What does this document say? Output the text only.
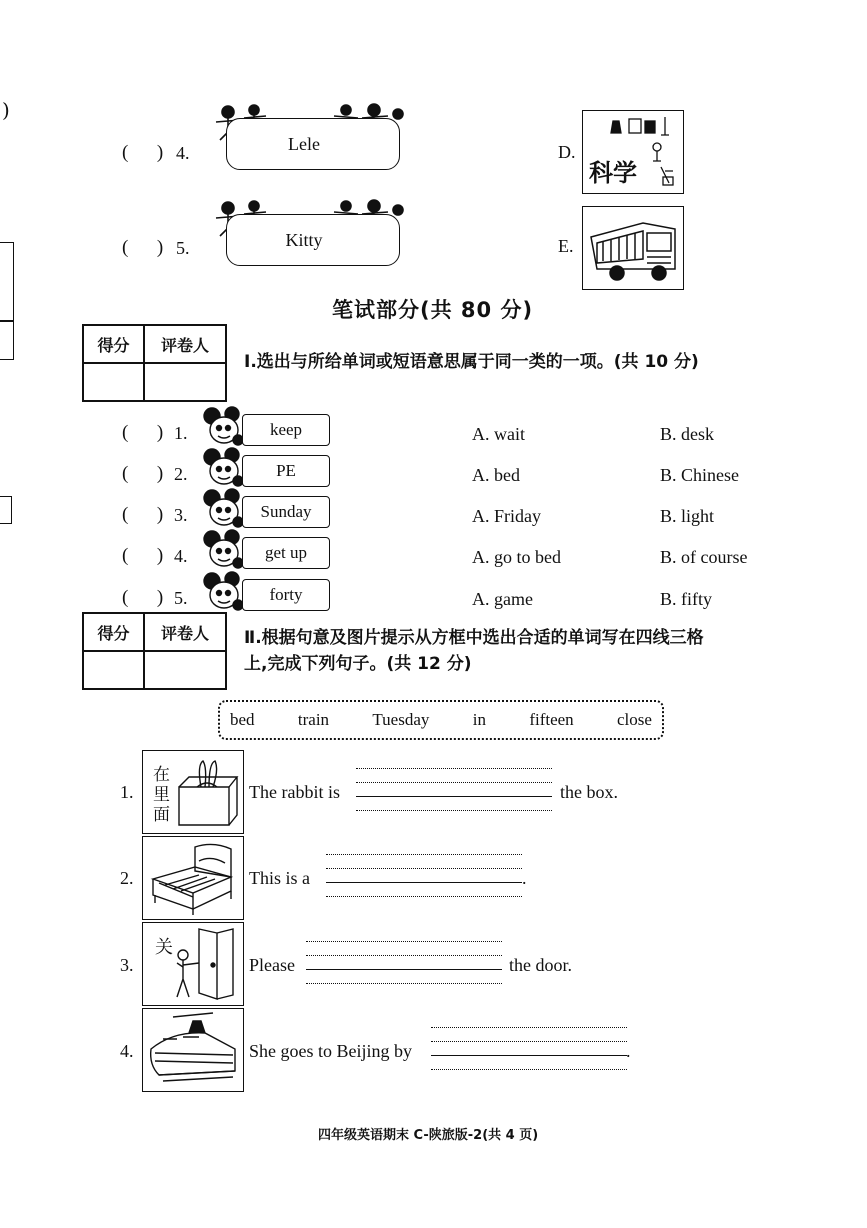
)
(      ) 4.	Lele
(      ) 5.	Kitty
D.
科学
E.
笔试部分(共 80 分)
得分	评卷人

Ⅰ.选出与所给单词或短语意思属于同一类的一项。(共 10 分)
(      ) 1.	keep	A. wait	B. desk
(      ) 2.	PE	A. bed	B. Chinese
(      ) 3.	Sunday	A. Friday	B. light
(      ) 4.	get up	A. go to bed	B. of course
(      ) 5.	forty	A. game	B. fifty
得分	评卷人
	Ⅱ.根据句意及图片提示从方框中选出合适的单词写在四线三格
上,完成下列句子。(共 12 分)
bed	train	Tuesday	in	fifteen	close
1.
在里面
The rabbit is	the box.
2.	This is a	.
3.
关
Please	the door.
4.	She goes to Beijing by	.
四年级英语期末 C-陕旅版-2(共 4 页)
